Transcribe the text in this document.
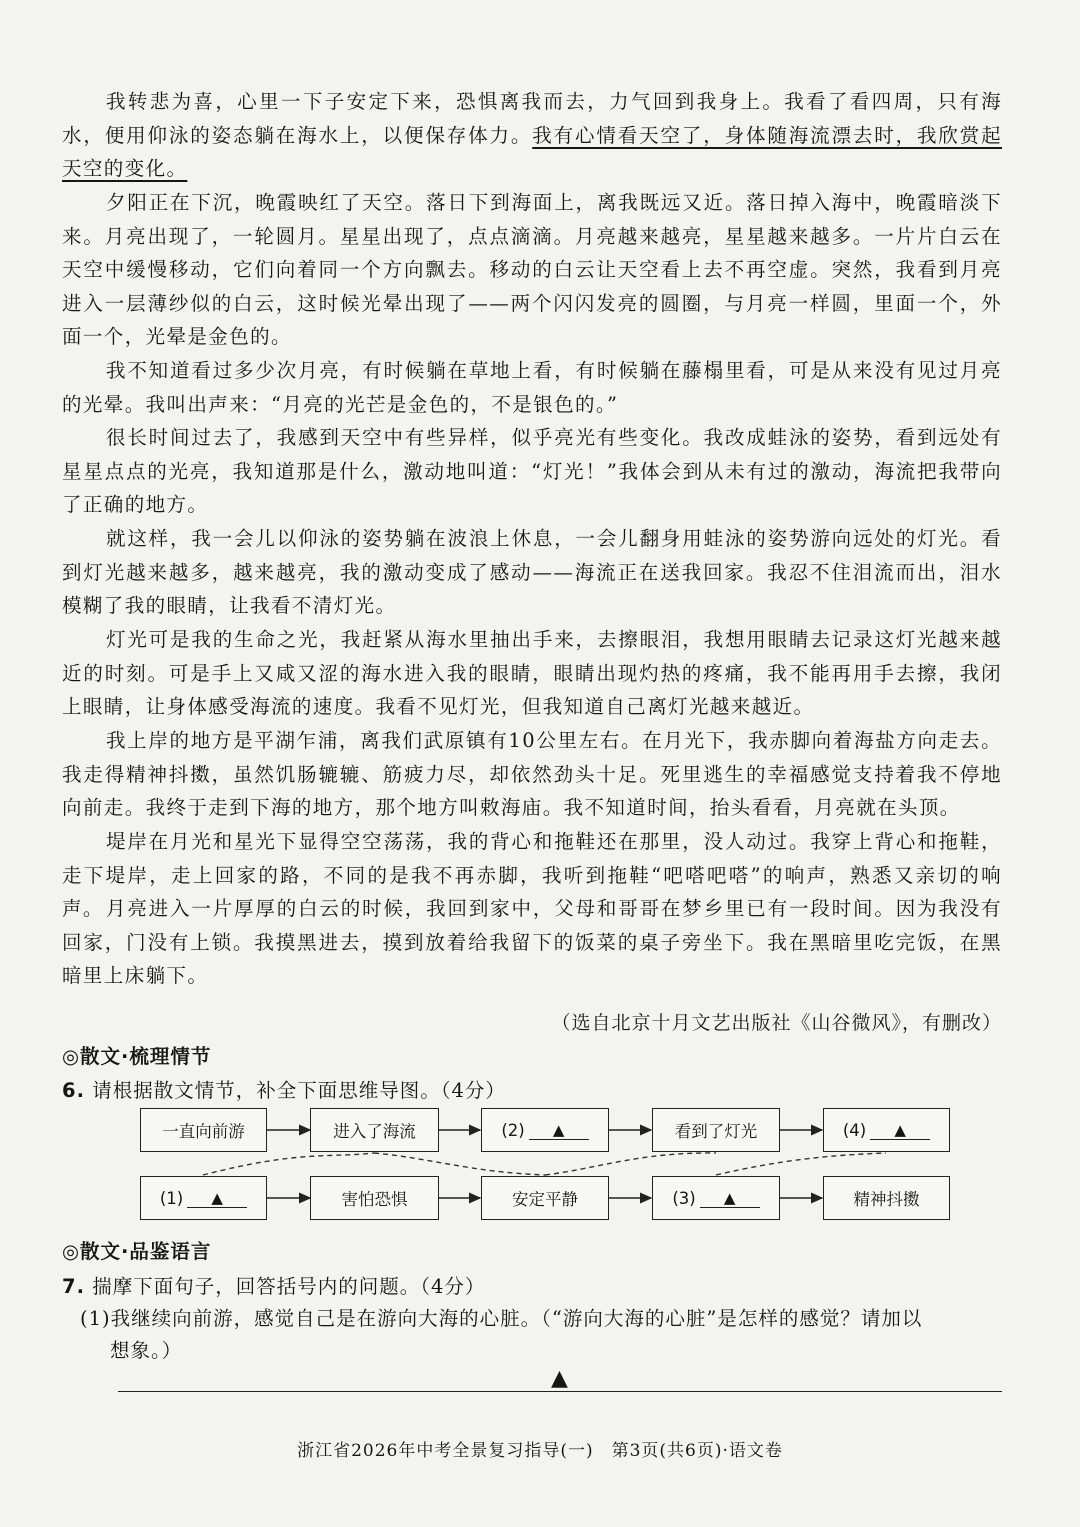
我转悲为喜，心里一下子安定下来，恐惧离我而去，力气回到我身上。我看了看四周，只有海水，便用仰泳的姿态躺在海水上，以便保存体力。我有心情看天空了，身体随海流漂去时，我欣赏起天空的变化。

夕阳正在下沉，晚霞映红了天空。落日下到海面上，离我既远又近。落日掉入海中，晚霞暗淡下来。月亮出现了，一轮圆月。星星出现了，点点滴滴。月亮越来越亮，星星越来越多。一片片白云在天空中缓慢移动，它们向着同一个方向飘去。移动的白云让天空看上去不再空虚。突然，我看到月亮进入一层薄纱似的白云，这时候光晕出现了——两个闪闪发亮的圆圈，与月亮一样圆，里面一个，外面一个，光晕是金色的。

我不知道看过多少次月亮，有时候躺在草地上看，有时候躺在藤榻里看，可是从来没有见过月亮的光晕。我叫出声来：“月亮的光芒是金色的，不是银色的。”

很长时间过去了，我感到天空中有些异样，似乎亮光有些变化。我改成蛙泳的姿势，看到远处有星星点点的光亮，我知道那是什么，激动地叫道：“灯光！”我体会到从未有过的激动，海流把我带向了正确的地方。

就这样，我一会儿以仰泳的姿势躺在波浪上休息，一会儿翻身用蛙泳的姿势游向远处的灯光。看到灯光越来越多，越来越亮，我的激动变成了感动——海流正在送我回家。我忍不住泪流而出，泪水模糊了我的眼睛，让我看不清灯光。

灯光可是我的生命之光，我赶紧从海水里抽出手来，去擦眼泪，我想用眼睛去记录这灯光越来越近的时刻。可是手上又咸又涩的海水进入我的眼睛，眼睛出现灼热的疼痛，我不能再用手去擦，我闭上眼睛，让身体感受海流的速度。我看不见灯光，但我知道自己离灯光越来越近。

我上岸的地方是平湖乍浦，离我们武原镇有10公里左右。在月光下，我赤脚向着海盐方向走去。我走得精神抖擞，虽然饥肠辘辘、筋疲力尽，却依然劲头十足。死里逃生的幸福感觉支持着我不停地向前走。我终于走到下海的地方，那个地方叫敕海庙。我不知道时间，抬头看看，月亮就在头顶。

堤岸在月光和星光下显得空空荡荡，我的背心和拖鞋还在那里，没人动过。我穿上背心和拖鞋，走下堤岸，走上回家的路，不同的是我不再赤脚，我听到拖鞋“吧嗒吧嗒”的响声，熟悉又亲切的响声。 月亮进入一片厚厚的白云的时候，我回到家中，父母和哥哥在梦乡里已有一段时间。因为我没有回家，门没有上锁。我摸黑进去，摸到放着给我留下的饭菜的桌子旁坐下。我在黑暗里吃完饭，在黑暗里上床躺下。

（选自北京十月文艺出版社《山谷微风》，有删改）
◎散文·梳理情节
6. 请根据散文情节，补全下面思维导图。（4分）
一直向前游	进入了海流	(2)	▲	看到了灯光	(4)	▲
(1)	▲	害怕恐惧	安定平静	(3)	▲	精神抖擞
◎散文·品鉴语言
7. 揣摩下面句子，回答括号内的问题。（4分）
(1)我继续向前游，感觉自己是在游向大海的心脏。（“游向大海的心脏”是怎样的感觉？请加以
想象。）
▲
浙江省2026年中考全景复习指导(一)　第3页(共6页)·语文卷
